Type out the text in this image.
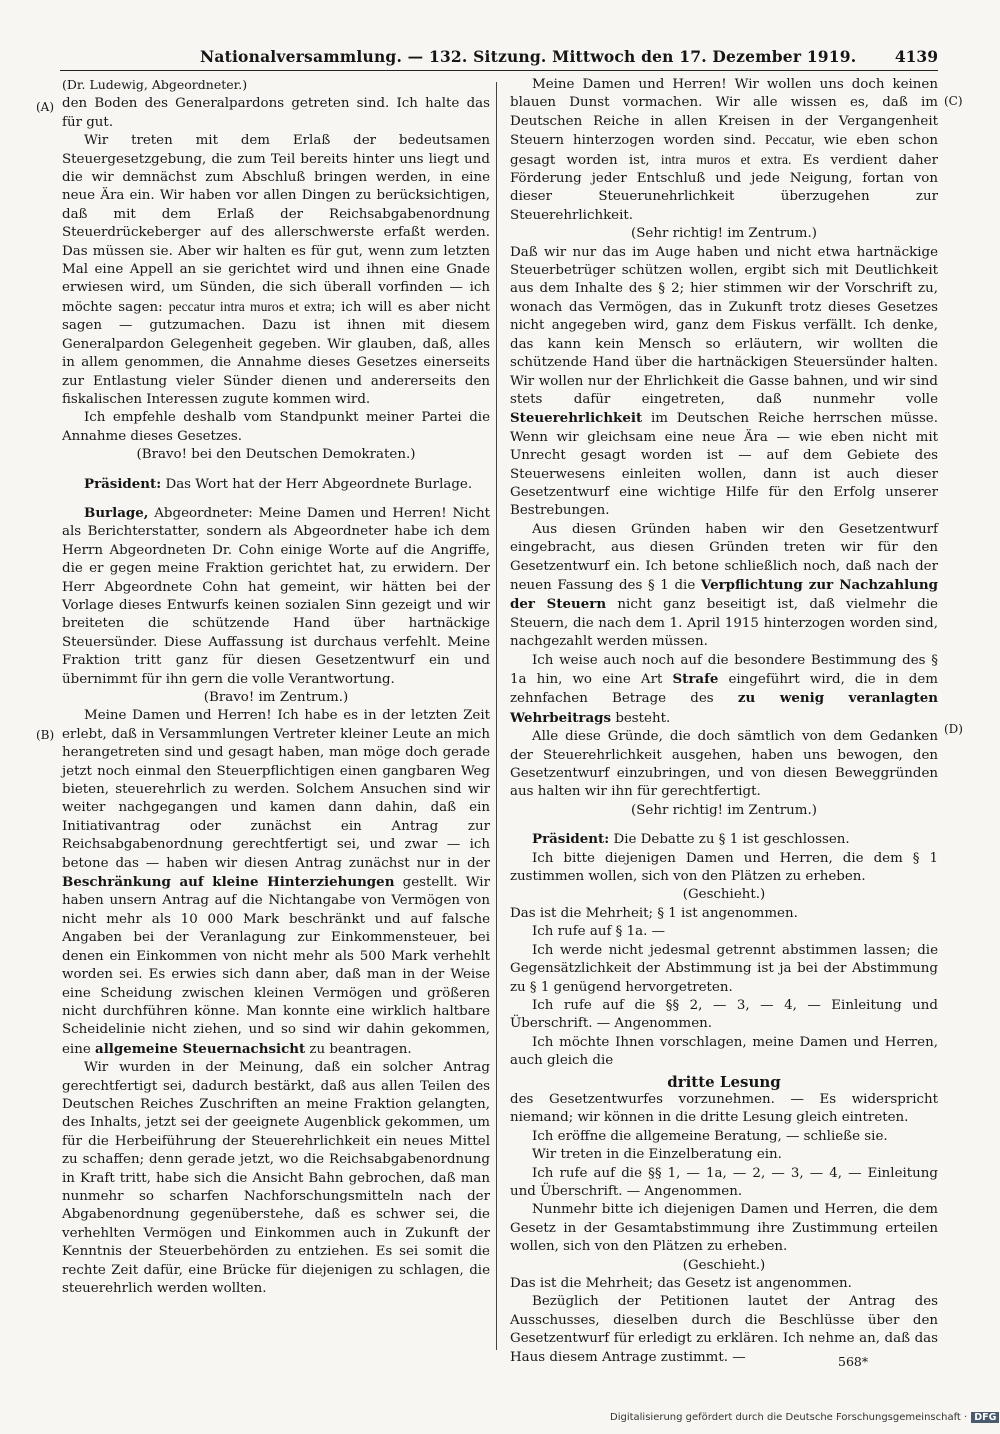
Nationalversammlung. — 132. Sitzung. Mittwoch den 17. Dezember 1919. 4139
(A)
(B)
(C)
(D)

(Dr. Ludewig, Abgeordneter.)

den Boden des Generalpardons getreten sind. Ich halte das für gut.

Wir treten mit dem Erlaß der bedeutsamen Steuergesetzgebung, die zum Teil bereits hinter uns liegt und die wir demnächst zum Abschluß bringen werden, in eine neue Ära ein. Wir haben vor allen Dingen zu berücksichtigen, daß mit dem Erlaß der Reichsabgabenordnung Steuerdrückeberger auf des allerschwerste erfaßt werden. Das müssen sie. Aber wir halten es für gut, wenn zum letzten Mal eine Appell an sie gerichtet wird und ihnen eine Gnade erwiesen wird, um Sünden, die sich überall vorfinden — ich möchte sagen: peccatur intra muros et extra; ich will es aber nicht sagen — gutzumachen. Dazu ist ihnen mit diesem Generalpardon Gelegenheit gegeben. Wir glauben, daß, alles in allem genommen, die Annahme dieses Gesetzes einerseits zur Entlastung vieler Sünder dienen und andererseits den fiskalischen Interessen zugute kommen wird.

Ich empfehle deshalb vom Standpunkt meiner Partei die Annahme dieses Gesetzes.

(Bravo! bei den Deutschen Demokraten.)

Präsident: Das Wort hat der Herr Abgeordnete Burlage.

Burlage, Abgeordneter: Meine Damen und Herren! Nicht als Berichterstatter, sondern als Abgeordneter habe ich dem Herrn Abgeordneten Dr. Cohn einige Worte auf die Angriffe, die er gegen meine Fraktion gerichtet hat, zu erwidern. Der Herr Abgeordnete Cohn hat gemeint, wir hätten bei der Vorlage dieses Entwurfs keinen sozialen Sinn gezeigt und wir breiteten die schützende Hand über hartnäckige Steuersünder. Diese Auffassung ist durchaus verfehlt. Meine Fraktion tritt ganz für diesen Gesetzentwurf ein und übernimmt für ihn gern die volle Verantwortung.

(Bravo! im Zentrum.)

Meine Damen und Herren! Ich habe es in der letzten Zeit erlebt, daß in Versammlungen Vertreter kleiner Leute an mich herangetreten sind und gesagt haben, man möge doch gerade jetzt noch einmal den Steuerpflichtigen einen gangbaren Weg bieten, steuerehrlich zu werden. Solchem Ansuchen sind wir weiter nachgegangen und kamen dann dahin, daß ein Initiativantrag oder zunächst ein Antrag zur Reichsabgabenordnung gerechtfertigt sei, und zwar — ich betone das — haben wir diesen Antrag zunächst nur in der Beschränkung auf kleine Hinterziehungen gestellt. Wir haben unsern Antrag auf die Nichtangabe von Vermögen von nicht mehr als 10 000 Mark beschränkt und auf falsche Angaben bei der Veranlagung zur Einkommensteuer, bei denen ein Einkommen von nicht mehr als 500 Mark verhehlt worden sei. Es erwies sich dann aber, daß man in der Weise eine Scheidung zwischen kleinen Vermögen und größeren nicht durchführen könne. Man konnte eine wirklich haltbare Scheidelinie nicht ziehen, und so sind wir dahin gekommen, eine allgemeine Steuernachsicht zu beantragen.

Wir wurden in der Meinung, daß ein solcher Antrag gerechtfertigt sei, dadurch bestärkt, daß aus allen Teilen des Deutschen Reiches Zuschriften an meine Fraktion gelangten, des Inhalts, jetzt sei der geeignete Augenblick gekommen, um für die Herbeiführung der Steuerehrlichkeit ein neues Mittel zu schaffen; denn gerade jetzt, wo die Reichsabgabenordnung in Kraft tritt, habe sich die Ansicht Bahn gebrochen, daß man nunmehr so scharfen Nachforschungsmitteln nach der Abgabenordnung gegenüberstehe, daß es schwer sei, die verhehlten Vermögen und Einkommen auch in Zukunft der Kenntnis der Steuerbehörden zu entziehen. Es sei somit die rechte Zeit dafür, eine Brücke für diejenigen zu schlagen, die steuerehrlich werden wollten.

Meine Damen und Herren! Wir wollen uns doch keinen blauen Dunst vormachen. Wir alle wissen es, daß im Deutschen Reiche in allen Kreisen in der Vergangenheit Steuern hinterzogen worden sind. Peccatur, wie eben schon gesagt worden ist, intra muros et extra. Es verdient daher Förderung jeder Entschluß und jede Neigung, fortan von dieser Steuerunehrlichkeit überzugehen zur Steuerehrlichkeit.

(Sehr richtig! im Zentrum.)

Daß wir nur das im Auge haben und nicht etwa hartnäckige Steuerbetrüger schützen wollen, ergibt sich mit Deutlichkeit aus dem Inhalte des § 2; hier stimmen wir der Vorschrift zu, wonach das Vermögen, das in Zukunft trotz dieses Gesetzes nicht angegeben wird, ganz dem Fiskus verfällt. Ich denke, das kann kein Mensch so erläutern, wir wollten die schützende Hand über die hartnäckigen Steuersünder halten. Wir wollen nur der Ehrlichkeit die Gasse bahnen, und wir sind stets dafür eingetreten, daß nunmehr volle Steuerehrlichkeit im Deutschen Reiche herrschen müsse. Wenn wir gleichsam eine neue Ära — wie eben nicht mit Unrecht gesagt worden ist — auf dem Gebiete des Steuerwesens einleiten wollen, dann ist auch dieser Gesetzentwurf eine wichtige Hilfe für den Erfolg unserer Bestrebungen.

Aus diesen Gründen haben wir den Gesetzentwurf eingebracht, aus diesen Gründen treten wir für den Gesetzentwurf ein. Ich betone schließlich noch, daß nach der neuen Fassung des § 1 die Verpflichtung zur Nachzahlung der Steuern nicht ganz beseitigt ist, daß vielmehr die Steuern, die nach dem 1. April 1915 hinterzogen worden sind, nachgezahlt werden müssen.

Ich weise auch noch auf die besondere Bestimmung des § 1a hin, wo eine Art Strafe eingeführt wird, die in dem zehnfachen Betrage des zu wenig veranlagten Wehrbeitrags besteht.

Alle diese Gründe, die doch sämtlich von dem Gedanken der Steuerehrlichkeit ausgehen, haben uns bewogen, den Gesetzentwurf einzubringen, und von diesen Beweggründen aus halten wir ihn für gerechtfertigt.

(Sehr richtig! im Zentrum.)

Präsident: Die Debatte zu § 1 ist geschlossen.

Ich bitte diejenigen Damen und Herren, die dem § 1 zustimmen wollen, sich von den Plätzen zu erheben.

(Geschieht.)

Das ist die Mehrheit; § 1 ist angenommen.

Ich rufe auf § 1a. —

Ich werde nicht jedesmal getrennt abstimmen lassen; die Gegensätzlichkeit der Abstimmung ist ja bei der Abstimmung zu § 1 genügend hervorgetreten.

Ich rufe auf die §§ 2, — 3, — 4, — Einleitung und Überschrift. — Angenommen.

Ich möchte Ihnen vorschlagen, meine Damen und Herren, auch gleich die

dritte Lesung

des Gesetzentwurfes vorzunehmen. — Es widerspricht niemand; wir können in die dritte Lesung gleich eintreten.

Ich eröffne die allgemeine Beratung, — schließe sie.

Wir treten in die Einzelberatung ein.

Ich rufe auf die §§ 1, — 1a, — 2, — 3, — 4, — Einleitung und Überschrift. — Angenommen.

Nunmehr bitte ich diejenigen Damen und Herren, die dem Gesetz in der Gesamtabstimmung ihre Zustimmung erteilen wollen, sich von den Plätzen zu erheben.

(Geschieht.)

Das ist die Mehrheit; das Gesetz ist angenommen.

Bezüglich der Petitionen lautet der Antrag des Ausschusses, dieselben durch die Beschlüsse über den Gesetzentwurf für erledigt zu erklären. Ich nehme an, daß das Haus diesem Antrage zustimmt. —	568*
Digitalisierung gefördert durch die Deutsche Forschungsgemeinschaft · DFG
